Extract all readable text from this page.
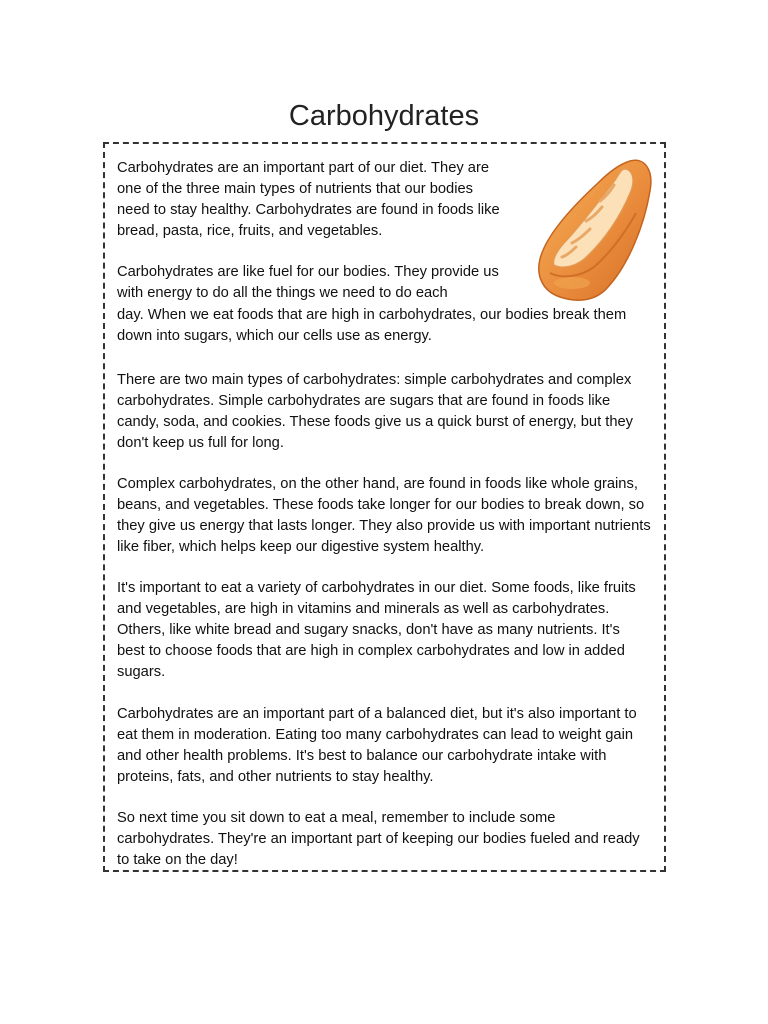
Carbohydrates

Carbohydrates are an important part of our diet. They are one of the three main types of nutrients that our bodies need to stay healthy. Carbohydrates are found in foods like bread, pasta, rice, fruits, and vegetables.

Carbohydrates are like fuel for our bodies. They provide us with energy to do all the things we need to do each

day. When we eat foods that are high in carbohydrates, our bodies break them down into sugars, which our cells use as energy.

There are two main types of carbohydrates: simple carbohydrates and complex carbohydrates. Simple carbohydrates are sugars that are found in foods like candy, soda, and cookies. These foods give us a quick burst of energy, but they don't keep us full for long.

Complex carbohydrates, on the other hand, are found in foods like whole grains, beans, and vegetables. These foods take longer for our bodies to break down, so they give us energy that lasts longer. They also provide us with important nutrients like fiber, which helps keep our digestive system healthy.

It's important to eat a variety of carbohydrates in our diet. Some foods, like fruits and vegetables, are high in vitamins and minerals as well as carbohydrates. Others, like white bread and sugary snacks, don't have as many nutrients. It's best to choose foods that are high in complex carbohydrates and low in added sugars.

Carbohydrates are an important part of a balanced diet, but it's also important to eat them in moderation. Eating too many carbohydrates can lead to weight gain and other health problems. It's best to balance our carbohydrate intake with proteins, fats, and other nutrients to stay healthy.

So next time you sit down to eat a meal, remember to include some carbohydrates. They're an important part of keeping our bodies fueled and ready to take on the day!
